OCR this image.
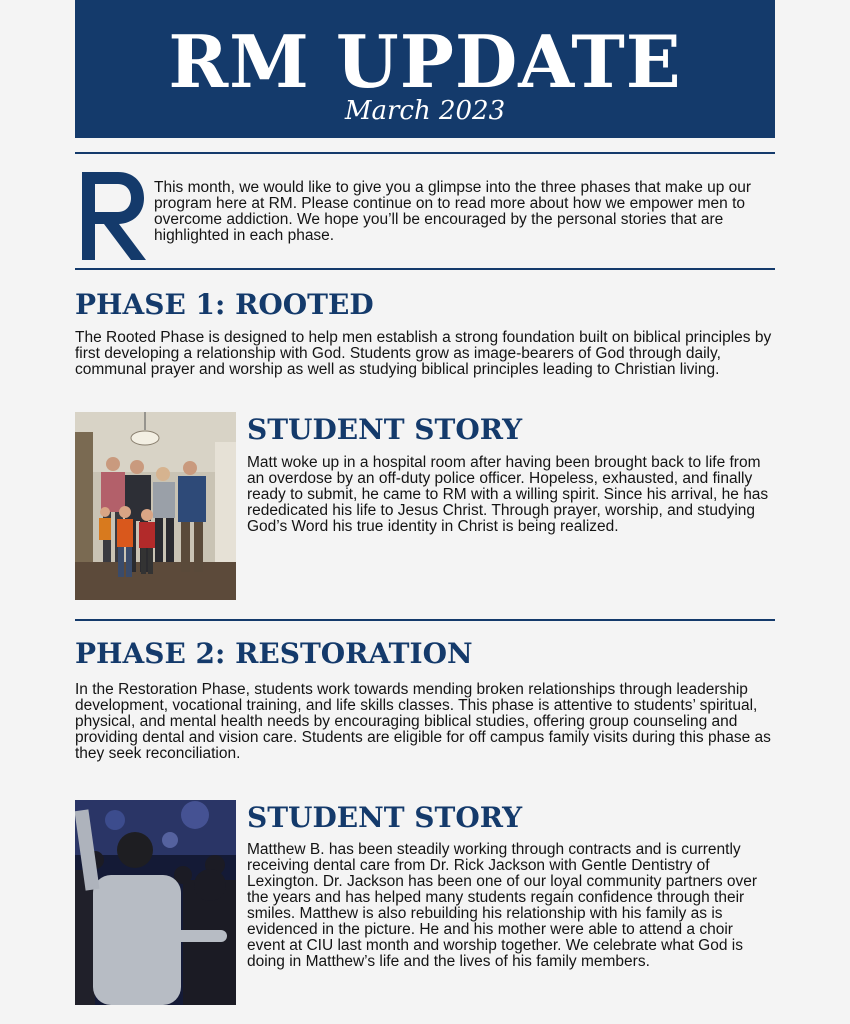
RM UPDATE
March 2023
This month, we would like to give you a glimpse into the three phases that make up our program here at RM. Please continue on to read more about how we empower men to overcome addiction. We hope you’ll be encouraged by the personal stories that are highlighted in each phase.
PHASE 1: ROOTED
The Rooted Phase is designed to help men establish a strong foundation built on biblical principles by first developing a relationship with God. Students grow as image-bearers of God through daily, communal prayer and worship as well as studying biblical principles leading to Christian living.
STUDENT STORY
Matt woke up in a hospital room after having been brought back to life from an overdose by an off-duty police officer. Hopeless, exhausted, and finally ready to submit, he came to RM with a willing spirit. Since his arrival, he has rededicated his life to Jesus Christ. Through prayer, worship, and studying God’s Word his true identity in Christ is being realized.
PHASE 2: RESTORATION
In the Restoration Phase, students work towards mending broken relationships through leadership development, vocational training, and life skills classes. This phase is attentive to students’ spiritual, physical, and mental health needs by encouraging biblical studies, offering group counseling and providing dental and vision care. Students are eligible for off campus family visits during this phase as they seek reconciliation.
STUDENT STORY
Matthew B. has been steadily working through contracts and is currently receiving dental care from Dr. Rick Jackson with Gentle Dentistry of Lexington. Dr. Jackson has been one of our loyal community partners over the years and has helped many students regain confidence through their smiles. Matthew is also rebuilding his relationship with his family as is evidenced in the picture. He and his mother were able to attend a choir event at CIU last month and worship together. We celebrate what God is doing in Matthew’s life and the lives of his family members.
